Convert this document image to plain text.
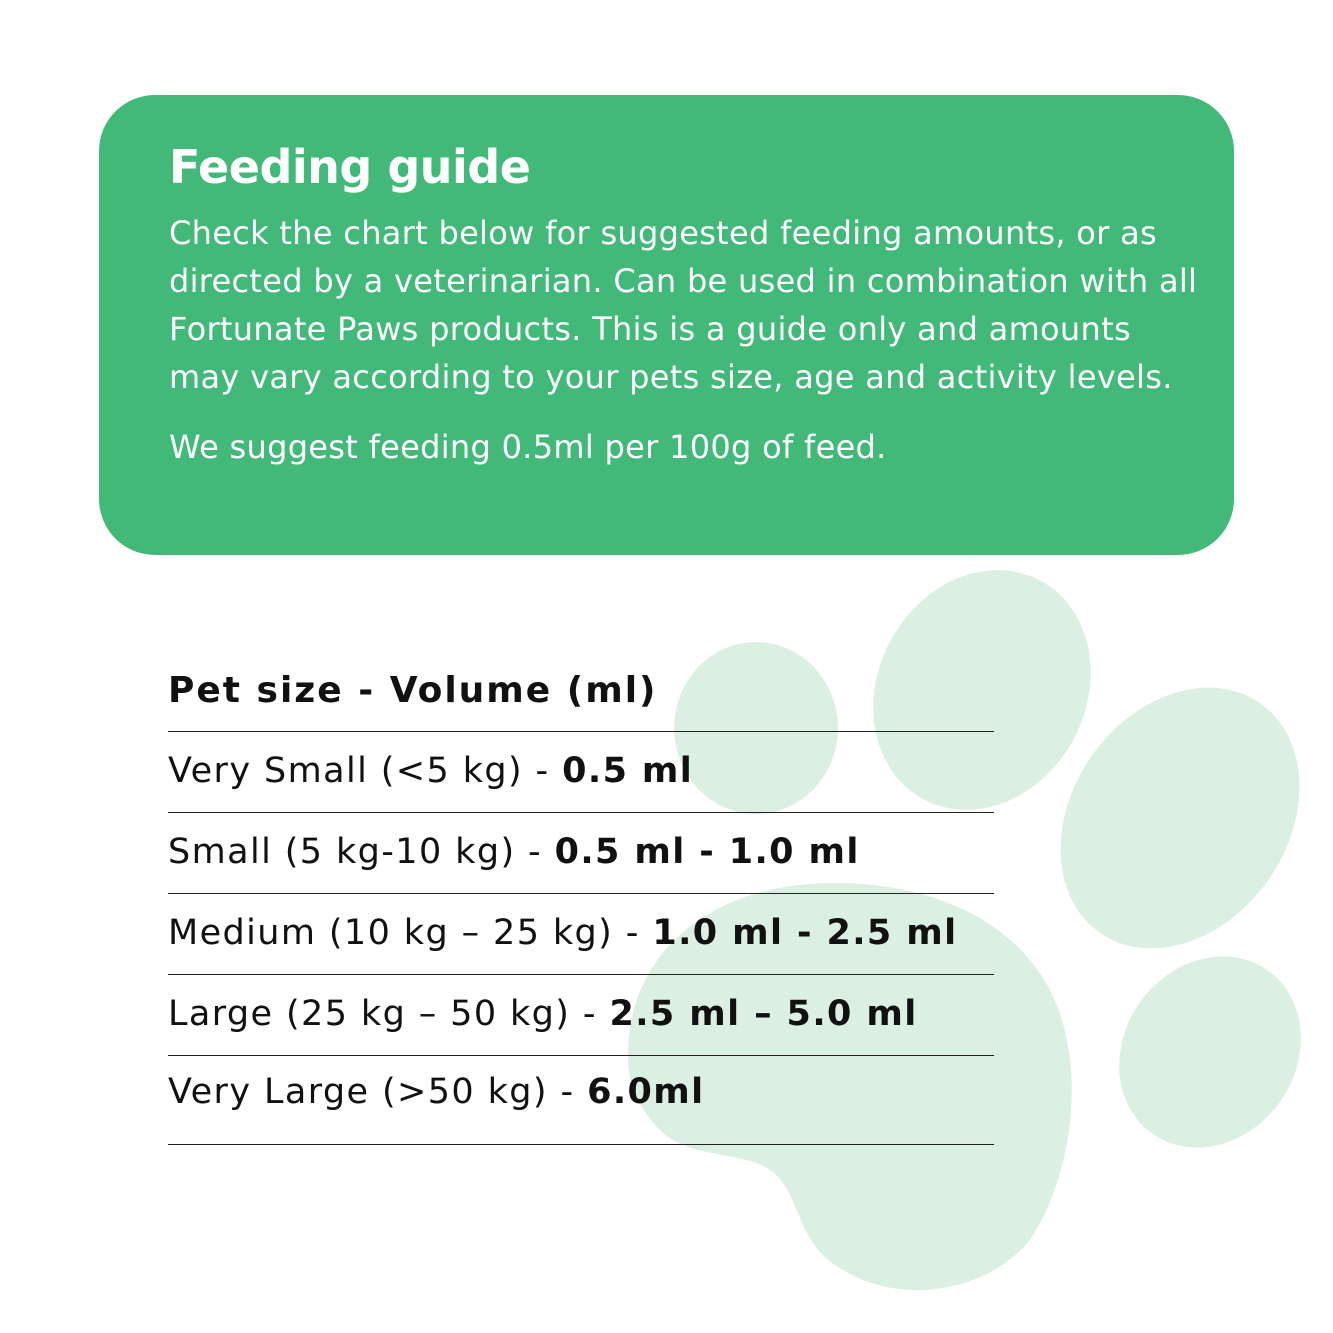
Feeding guide

Check the chart below for suggested feeding amounts, or as directed by a veterinarian. Can be used in combination with all Fortunate Paws products. This is a guide only and amounts may vary according to your pets size, age and activity levels.

We suggest feeding 0.5ml per 100g of feed.

Pet size - Volume (ml)
Very Small (<5 kg) - 0.5 ml
Small (5 kg-10 kg) - 0.5 ml - 1.0 ml
Medium (10 kg – 25 kg) - 1.0 ml - 2.5 ml
Large (25 kg – 50 kg) - 2.5 ml – 5.0 ml
Very Large (>50 kg) - 6.0ml
